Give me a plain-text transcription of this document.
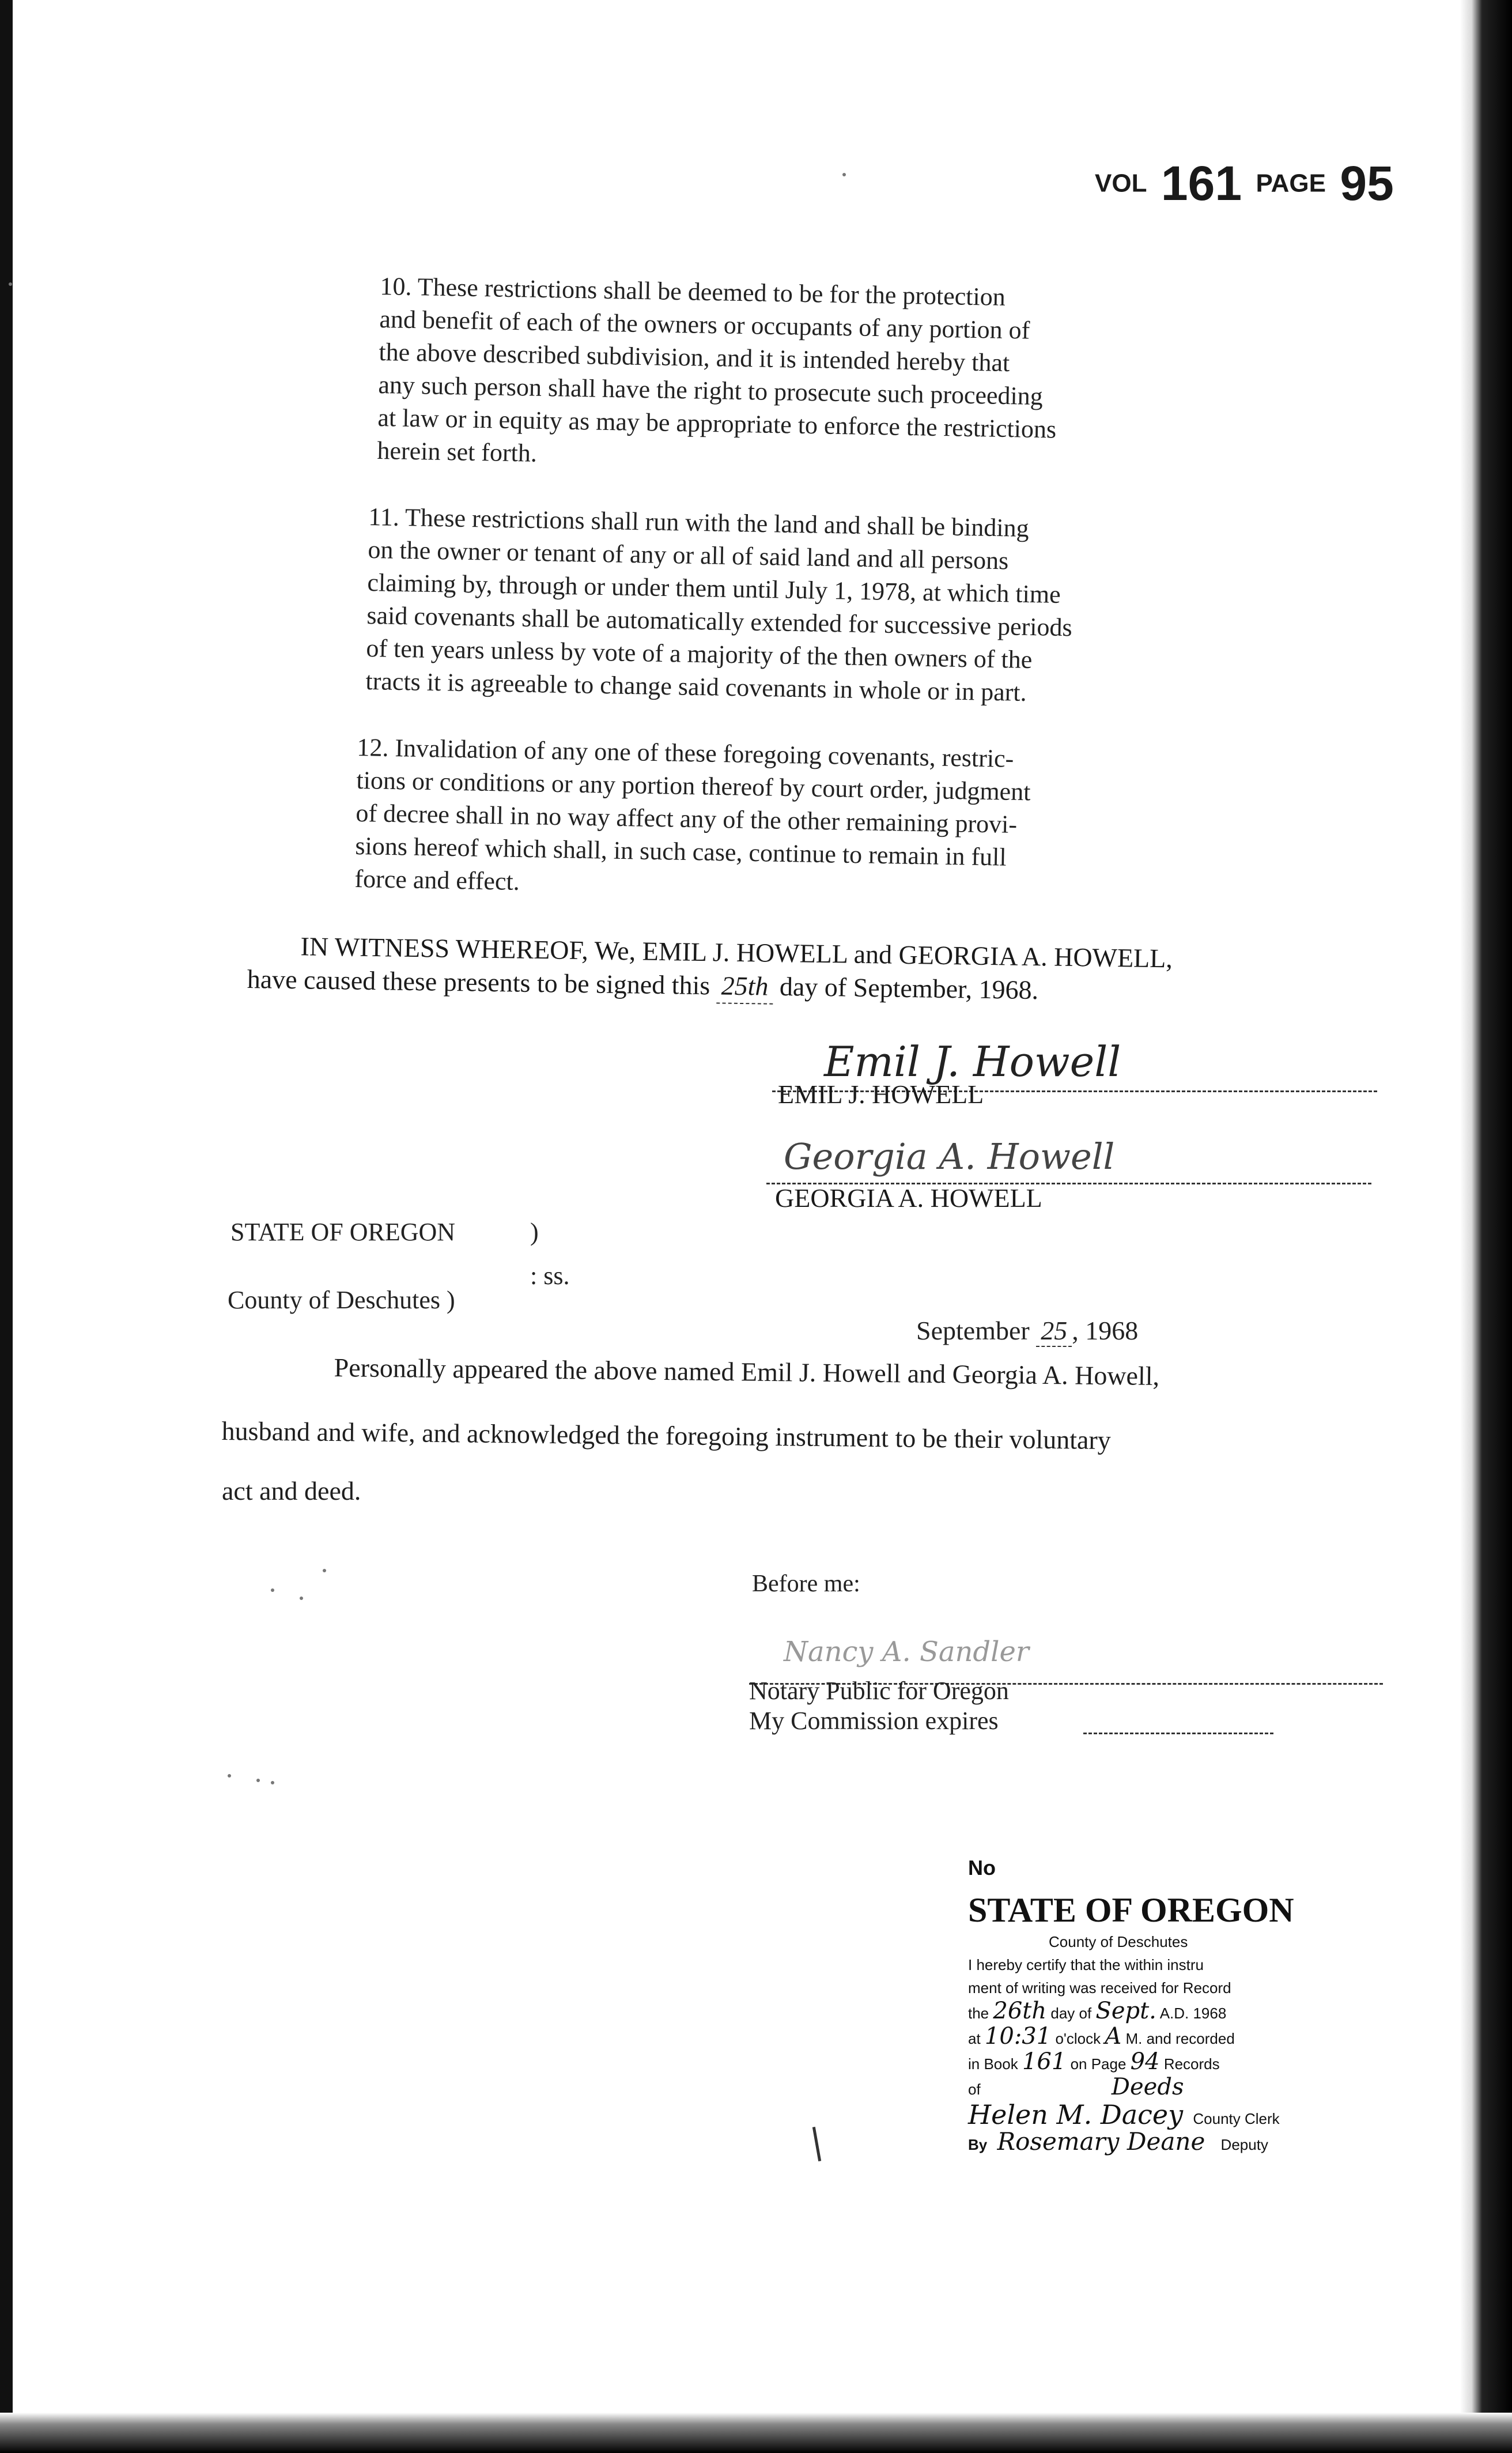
VOL 161 PAGE 95

10. These restrictions shall be deemed to be for the protection

and benefit of each of the owners or occupants of any portion of

the above described subdivision, and it is intended hereby that

any such person shall have the right to prosecute such proceeding

at law or in equity as may be appropriate to enforce the restrictions

herein set forth.

11. These restrictions shall run with the land and shall be binding

on the owner or tenant of any or all of said land and all persons

claiming by, through or under them until July 1, 1978, at which time

said covenants shall be automatically extended for successive periods

of ten years unless by vote of a majority of the then owners of the

tracts it is agreeable to change said covenants in whole or in part.

12. Invalidation of any one of these foregoing covenants, restric-

tions or conditions or any portion thereof by court order, judgment

of decree shall in no way affect any of the other remaining provi-

sions hereof which shall, in such case, continue to remain in full

force and effect.

IN WITNESS WHEREOF, We, EMIL J. HOWELL and GEORGIA A. HOWELL,

have caused these presents to be signed this 25th day of September, 1968.

Emil J. Howell
EMIL J. HOWELL
Georgia A. Howell
GEORGIA A. HOWELL
STATE OF OREGON	)
: ss.
County of Deschutes )
September 25 , 1968
Personally appeared the above named Emil J. Howell and Georgia A. Howell,
husband and wife, and acknowledged the foregoing instrument to be their voluntary
act and deed.
Before me:
Nancy A. Sandler
Notary Public for Oregon
My Commission expires
No
STATE OF OREGON
County of Deschutes
I hereby certify that the within instru
ment of writing was received for Record
the 26th day of Sept. A.D. 1968
at 10:31 o'clock A M. and recorded
in Book 161 on Page 94 Records
of	Deeds
Helen M. Dacey County Clerk
By Rosemary Deane Deputy
